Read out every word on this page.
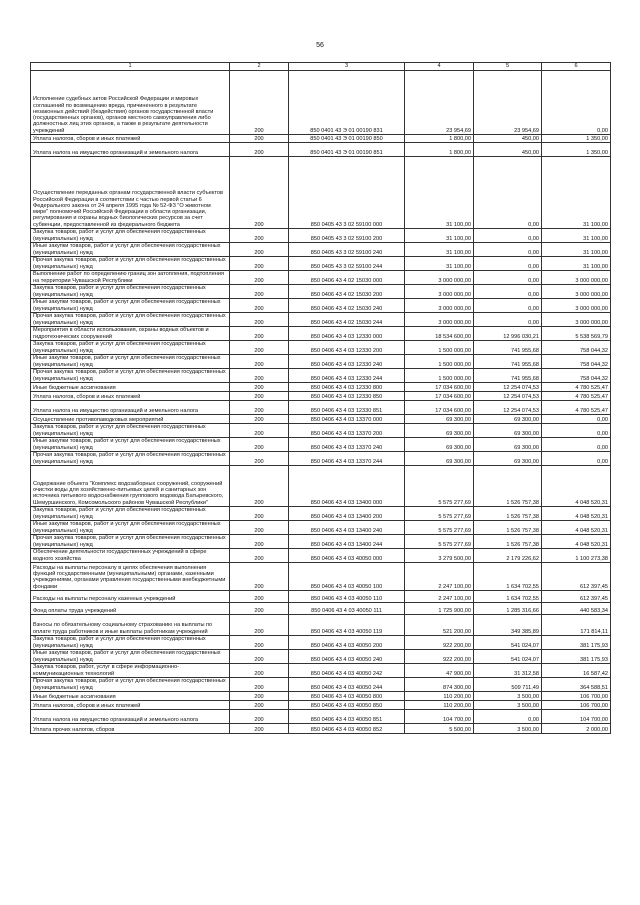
56
1	2	3	4	5	6
Исполнение судебных актов Российской Федерации и мировых соглашений по возмещению вреда, причиненного в результате незаконных действий (бездействия) органов государственной власти (государственных органов), органов местного самоуправления либо должностных лиц этих органов, а также в результате деятельности учреждений	200	850 0401 43 Э 01 00190 831	23 954,69	23 954,69	0,00
Уплата налогов, сборов и иных платежей	200	850 0401 43 Э 01 00190 850	1 800,00	450,00	1 350,00
Уплата налога на имущество организаций и земельного налога	200	850 0401 43 Э 01 00190 851	1 800,00	450,00	1 350,00
Осуществление переданных органам государственной власти субъектов Российской Федерации в соответствии с частью первой статьи 6 Федерального закона от 24 апреля 1995 года № 52-ФЗ "О животном мире" полномочий Российской Федерации в области организации, регулирования и охраны водных биологических ресурсов за счет субвенции, предоставленной из федерального бюджета	200	850 0405 43 3 02 59100 000	31 100,00	0,00	31 100,00
Закупка товаров, работ и услуг для обеспечения государственных (муниципальных) нужд	200	850 0405 43 3 02 59100 200	31 100,00	0,00	31 100,00
Иные закупки товаров, работ и услуг для обеспечения государственных (муниципальных) нужд	200	850 0405 43 3 02 59100 240	31 100,00	0,00	31 100,00
Прочая закупка товаров, работ и услуг для обеспечения государственных (муниципальных) нужд	200	850 0405 43 3 02 59100 244	31 100,00	0,00	31 100,00
Выполнение работ по определению границ зон затопления, подтопления на территории Чувашской Республики	200	850 0406 43 4 02 15030 000	3 000 000,00	0,00	3 000 000,00
Закупка товаров, работ и услуг для обеспечения государственных (муниципальных) нужд	200	850 0406 43 4 02 15030 200	3 000 000,00	0,00	3 000 000,00
Иные закупки товаров, работ и услуг для обеспечения государственных (муниципальных) нужд	200	850 0406 43 4 02 15030 240	3 000 000,00	0,00	3 000 000,00
Прочая закупка товаров, работ и услуг для обеспечения государственных (муниципальных) нужд	200	850 0406 43 4 02 15030 244	3 000 000,00	0,00	3 000 000,00
Мероприятия в области использования, охраны водных объектов и гидротехнических сооружений	200	850 0406 43 4 03 12330 000	18 534 600,00	12 996 030,21	5 538 569,79
Закупка товаров, работ и услуг для обеспечения государственных (муниципальных) нужд	200	850 0406 43 4 03 12330 200	1 500 000,00	741 955,68	758 044,32
Иные закупки товаров, работ и услуг для обеспечения государственных (муниципальных) нужд	200	850 0406 43 4 03 12330 240	1 500 000,00	741 955,68	758 044,32
Прочая закупка товаров, работ и услуг для обеспечения государственных (муниципальных) нужд	200	850 0406 43 4 03 12330 244	1 500 000,00	741 955,68	758 044,32
Иные бюджетные ассигнования	200	850 0406 43 4 03 12330 800	17 034 600,00	12 254 074,53	4 780 525,47
Уплата налогов, сборов и иных платежей	200	850 0406 43 4 03 12330 850	17 034 600,00	12 254 074,53	4 780 525,47
Уплата налога на имущество организаций и земельного налога	200	850 0406 43 4 03 12330 851	17 034 600,00	12 254 074,53	4 780 525,47
Осуществление противопаводковых мероприятий	200	850 0406 43 4 03 13370 000	69 300,00	69 300,00	0,00
Закупка товаров, работ и услуг для обеспечения государственных (муниципальных) нужд	200	850 0406 43 4 03 13370 200	69 300,00	69 300,00	0,00
Иные закупки товаров, работ и услуг для обеспечения государственных (муниципальных) нужд	200	850 0406 43 4 03 13370 240	69 300,00	69 300,00	0,00
Прочая закупка товаров, работ и услуг для обеспечения государственных (муниципальных) нужд	200	850 0406 43 4 03 13370 244	69 300,00	69 300,00	0,00
Содержание объекта "Комплекс водозаборных сооружений, сооружений очистки воды для хозяйственно-питьевых целей и санитарных зон источника питьевого водоснабжения группового водовода Батыревского, Шемуршинского, Комсомольского районов Чувашской Республики"	200	850 0406 43 4 03 13400 000	5 575 277,69	1 526 757,38	4 048 520,31
Закупка товаров, работ и услуг для обеспечения государственных (муниципальных) нужд	200	850 0406 43 4 03 13400 200	5 575 277,69	1 526 757,38	4 048 520,31
Иные закупки товаров, работ и услуг для обеспечения государственных (муниципальных) нужд	200	850 0406 43 4 03 13400 240	5 575 277,69	1 526 757,38	4 048 520,31
Прочая закупка товаров, работ и услуг для обеспечения государственных (муниципальных) нужд	200	850 0406 43 4 03 13400 244	5 575 277,69	1 526 757,38	4 048 520,31
Обеспечение деятельности государственных учреждений в сфере водного хозяйства	200	850 0406 43 4 03 40050 000	3 279 500,00	2 179 226,62	1 100 273,38
Расходы на выплаты персоналу в целях обеспечения выполнения функций государственными (муниципальными) органами, казенными учреждениями, органами управления государственными внебюджетными фондами	200	850 0406 43 4 03 40050 100	2 247 100,00	1 634 702,55	612 397,45
Расходы на выплаты персоналу казенных учреждений	200	850 0406 43 4 03 40050 110	2 247 100,00	1 634 702,55	612 397,45
Фонд оплаты труда учреждений	200	850 0406 43 4 03 40050 111	1 725 900,00	1 285 316,66	440 583,34
Взносы по обязательному социальному страхованию на выплаты по оплате труда работников и иные выплаты работникам учреждений	200	850 0406 43 4 03 40050 119	521 200,00	349 385,89	171 814,11
Закупка товаров, работ и услуг для обеспечения государственных (муниципальных) нужд	200	850 0406 43 4 03 40050 200	922 200,00	541 024,07	381 175,93
Иные закупки товаров, работ и услуг для обеспечения государственных (муниципальных) нужд	200	850 0406 43 4 03 40050 240	922 200,00	541 024,07	381 175,93
Закупка товаров, работ, услуг в сфере информационно-коммуникационных технологий	200	850 0406 43 4 03 40050 242	47 900,00	31 312,58	16 587,42
Прочая закупка товаров, работ и услуг для обеспечения государственных (муниципальных) нужд	200	850 0406 43 4 03 40050 244	874 300,00	509 711,49	364 588,51
Иные бюджетные ассигнования	200	850 0406 43 4 03 40050 800	110 200,00	3 500,00	106 700,00
Уплата налогов, сборов и иных платежей	200	850 0406 43 4 03 40050 850	110 200,00	3 500,00	106 700,00
Уплата налога на имущество организаций и земельного налога	200	850 0406 43 4 03 40050 851	104 700,00	0,00	104 700,00
Уплата прочих налогов, сборов	200	850 0406 43 4 03 40050 852	5 500,00	3 500,00	2 000,00
